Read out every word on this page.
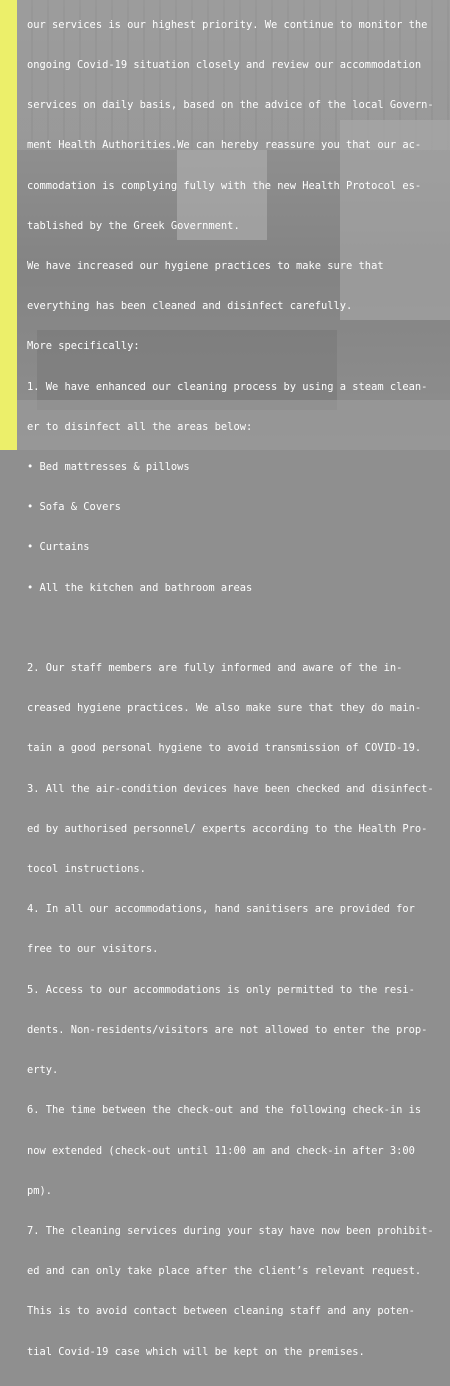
our services is our highest priority. We continue to monitor the

ongoing Covid-19 situation closely and review our accommodation

services on daily basis, based on the advice of the local Govern-

ment Health Authorities.We can hereby reassure you that our ac-

commodation is complying fully with the new Health Protocol es-

tablished by the Greek Government.

We have increased our hygiene practices to make sure that

everything has been cleaned and disinfect carefully.

More specifically:

1. We have enhanced our cleaning process by using a steam clean-

er to disinfect all the areas below:

• Bed mattresses & pillows

• Sofa & Covers

• Curtains

• All the kitchen and bathroom areas

2. Our staff members are fully informed and aware of the in-

creased hygiene practices. We also make sure that they do main-

tain a good personal hygiene to avoid transmission of COVID-19.

3. All the air-condition devices have been checked and disinfect-

ed by authorised personnel/ experts according to the Health Pro-

tocol instructions.

4. In all our accommodations, hand sanitisers are provided for

free to our visitors.

5. Access to our accommodations is only permitted to the resi-

dents. Non-residents/visitors are not allowed to enter the prop-

erty.

6. The time between the check-out and the following check-in is

now extended (check-out until 11:00 am and check-in after 3:00

pm).

7. The cleaning services during your stay have now been prohibit-

ed and can only take place after the client’s relevant request.

This is to avoid contact between cleaning staff and any poten-

tial Covid-19 case which will be kept on the premises.
